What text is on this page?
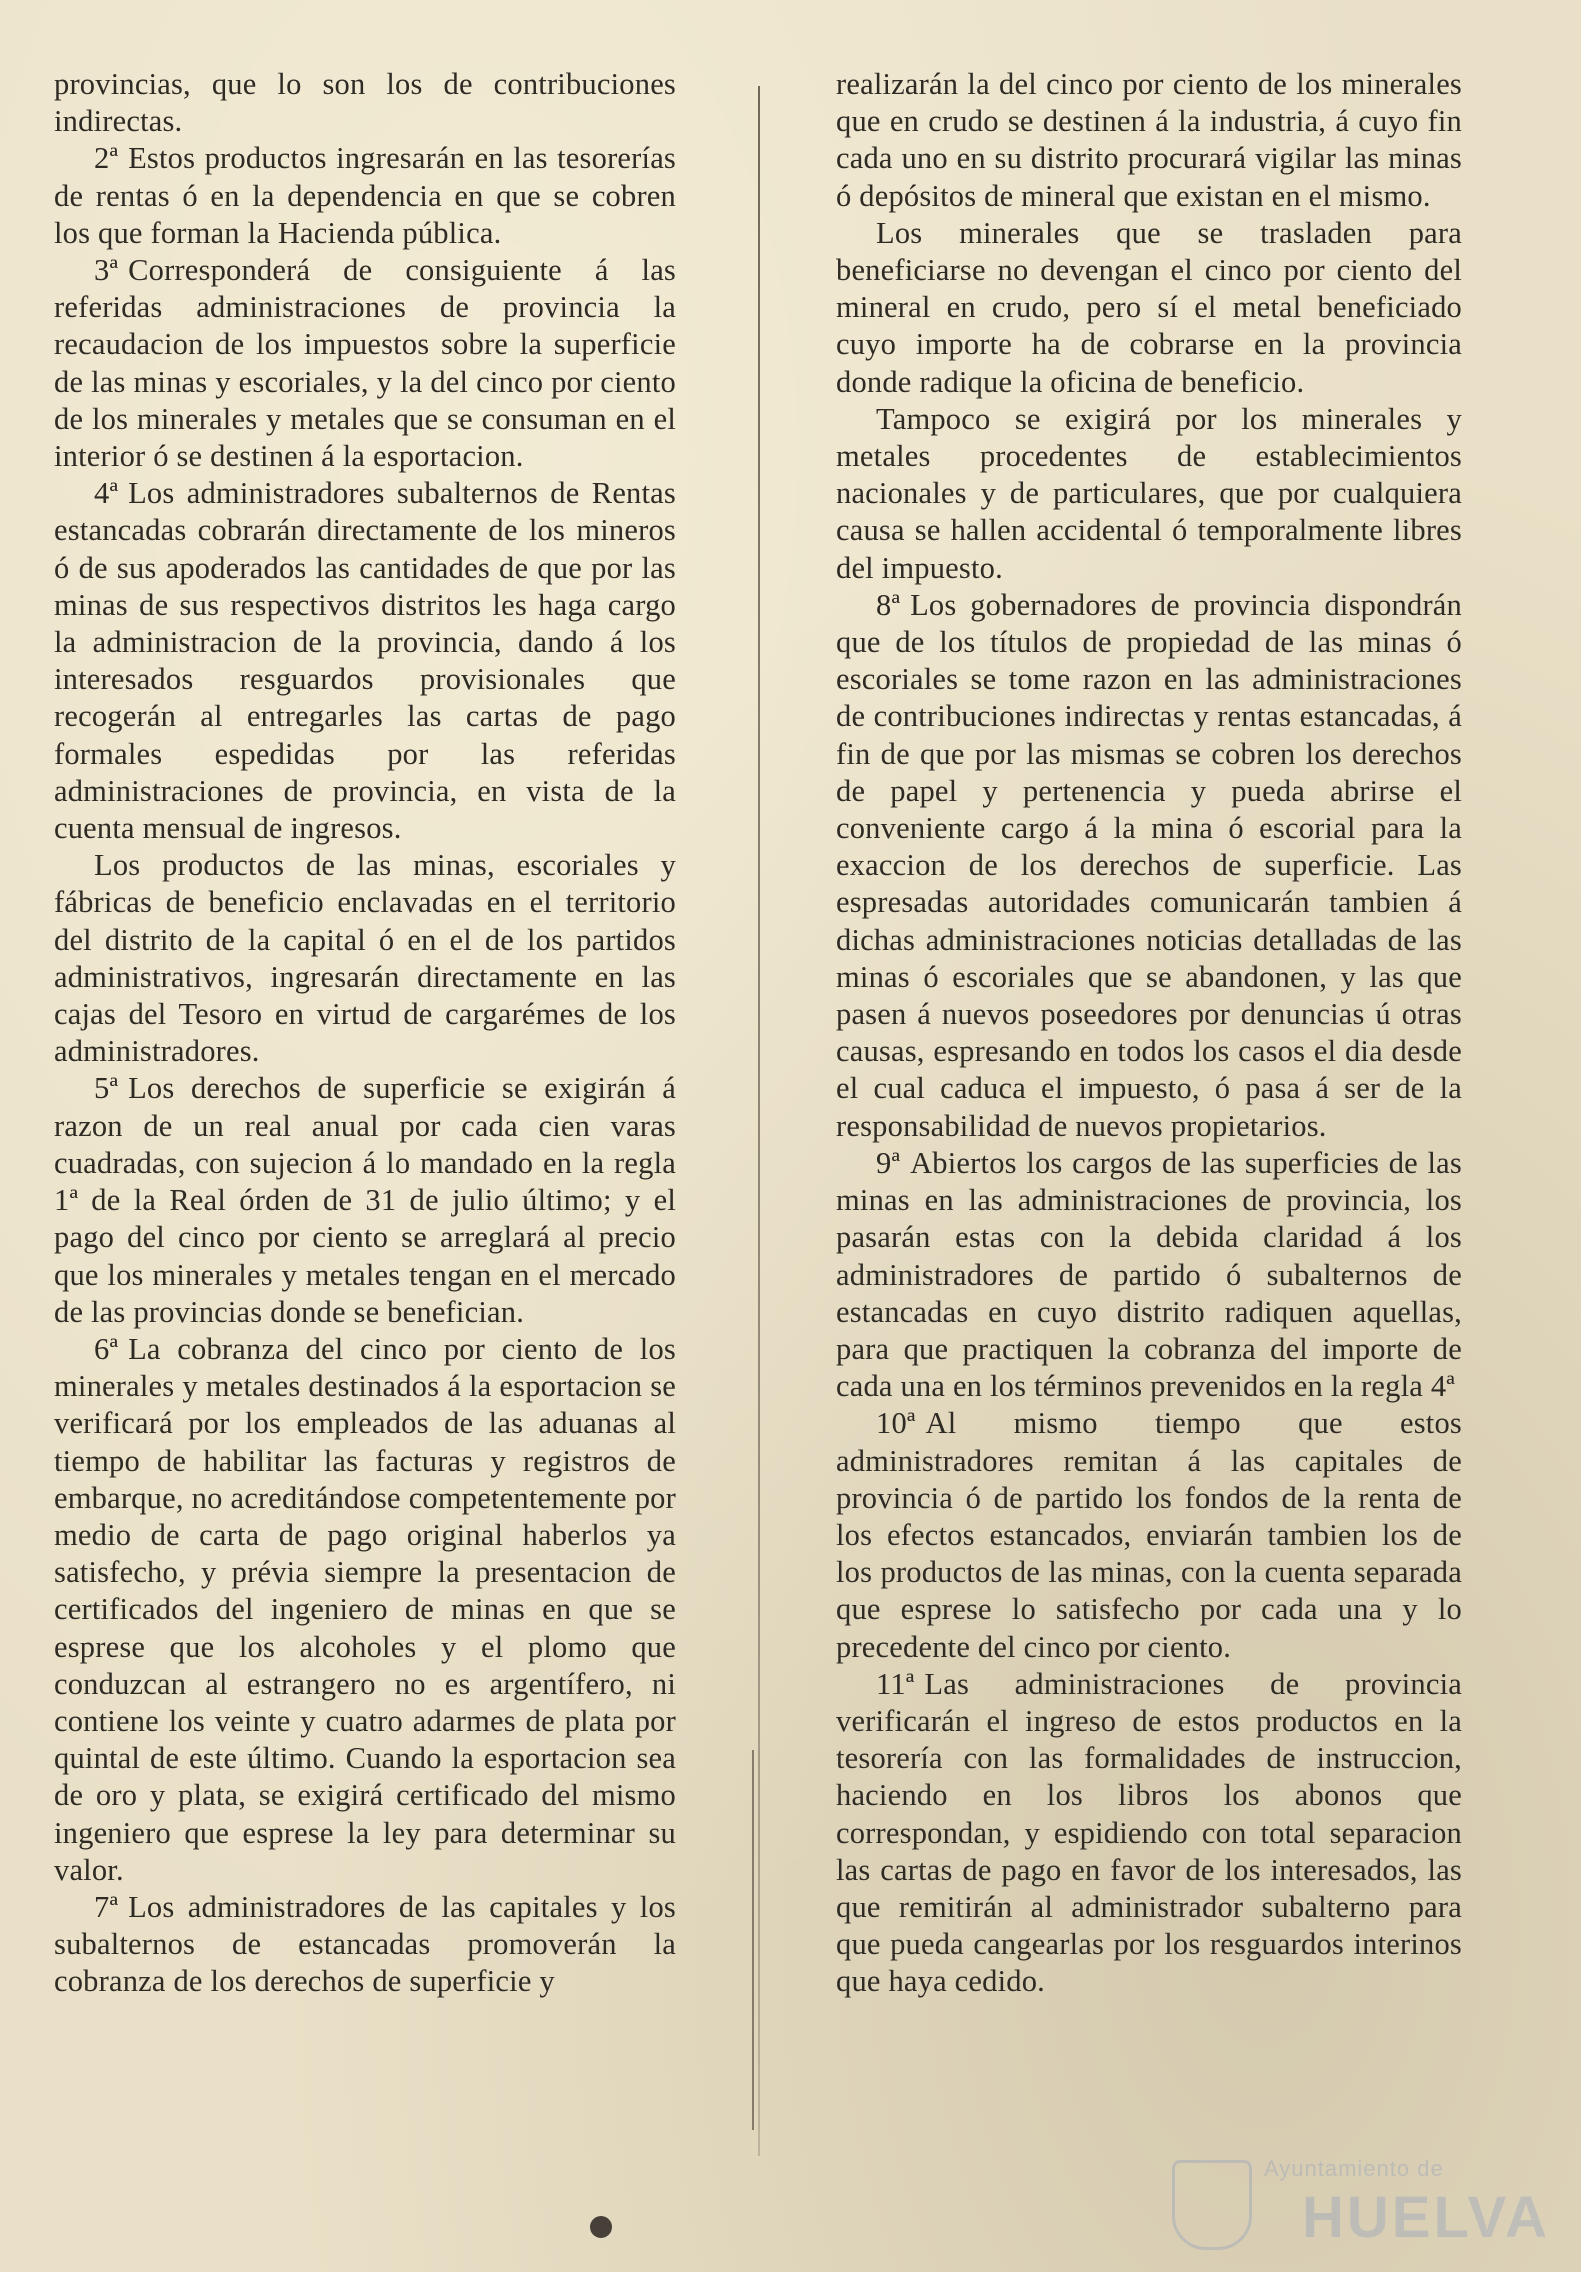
provincias, que lo son los de contribuciones indirectas.

2ª Estos productos ingresarán en las tesorerías de rentas ó en la dependencia en que se cobren los que forman la Hacienda pública.

3ª Corresponderá de consiguiente á las referidas administraciones de provincia la recaudacion de los impuestos sobre la superficie de las minas y escoriales, y la del cinco por ciento de los minerales y metales que se consuman en el interior ó se destinen á la esportacion.

4ª Los administradores subalternos de Rentas estancadas cobrarán directamente de los mineros ó de sus apoderados las cantidades de que por las minas de sus respectivos distritos les haga cargo la administracion de la provincia, dando á los interesados resguardos provisionales que recogerán al entregarles las cartas de pago formales espedidas por las referidas administraciones de provincia, en vista de la cuenta mensual de ingresos.

Los productos de las minas, escoriales y fábricas de beneficio enclavadas en el territorio del distrito de la capital ó en el de los partidos administrativos, ingresarán directamente en las cajas del Tesoro en virtud de cargarémes de los administradores.

5ª Los derechos de superficie se exigirán á razon de un real anual por cada cien varas cuadradas, con sujecion á lo mandado en la regla 1ª de la Real órden de 31 de julio último; y el pago del cinco por ciento se arreglará al precio que los minerales y metales tengan en el mercado de las provincias donde se benefician.

6ª La cobranza del cinco por ciento de los minerales y metales destinados á la esportacion se verificará por los empleados de las aduanas al tiempo de habilitar las facturas y registros de embarque, no acreditándose competentemente por medio de carta de pago original haberlos ya satisfecho, y prévia siempre la presentacion de certificados del ingeniero de minas en que se esprese que los alcoholes y el plomo que conduzcan al estrangero no es argentífero, ni contiene los veinte y cuatro adarmes de plata por quintal de este último. Cuando la esportacion sea de oro y plata, se exigirá certificado del mismo ingeniero que esprese la ley para determinar su valor.

7ª Los administradores de las capitales y los subalternos de estancadas promoverán la cobranza de los derechos de superficie y

realizarán la del cinco por ciento de los minerales que en crudo se destinen á la industria, á cuyo fin cada uno en su distrito procurará vigilar las minas ó depósitos de mineral que existan en el mismo.

Los minerales que se trasladen para beneficiarse no devengan el cinco por ciento del mineral en crudo, pero sí el metal beneficiado cuyo importe ha de cobrarse en la provincia donde radique la oficina de beneficio.

Tampoco se exigirá por los minerales y metales procedentes de establecimientos nacionales y de particulares, que por cualquiera causa se hallen accidental ó temporalmente libres del impuesto.

8ª Los gobernadores de provincia dispondrán que de los títulos de propiedad de las minas ó escoriales se tome razon en las administraciones de contribuciones indirectas y rentas estancadas, á fin de que por las mismas se cobren los derechos de papel y pertenencia y pueda abrirse el conveniente cargo á la mina ó escorial para la exaccion de los derechos de superficie. Las espresadas autoridades comunicarán tambien á dichas administraciones noticias detalladas de las minas ó escoriales que se abandonen, y las que pasen á nuevos poseedores por denuncias ú otras causas, espresando en todos los casos el dia desde el cual caduca el impuesto, ó pasa á ser de la responsabilidad de nuevos propietarios.

9ª Abiertos los cargos de las superficies de las minas en las administraciones de provincia, los pasarán estas con la debida claridad á los administradores de partido ó subalternos de estancadas en cuyo distrito radiquen aquellas, para que practiquen la cobranza del importe de cada una en los términos prevenidos en la regla 4ª

10ª Al mismo tiempo que estos administradores remitan á las capitales de provincia ó de partido los fondos de la renta de los efectos estancados, enviarán tambien los de los productos de las minas, con la cuenta separada que esprese lo satisfecho por cada una y lo precedente del cinco por ciento.

11ª Las administraciones de provincia verificarán el ingreso de estos productos en la tesorería con las formalidades de instruccion, haciendo en los libros los abonos que correspondan, y espidiendo con total separacion las cartas de pago en favor de los interesados, las que remitirán al administrador subalterno para que pueda cangearlas por los resguardos interinos que haya cedido.

Ayuntamiento de
HUELVA
